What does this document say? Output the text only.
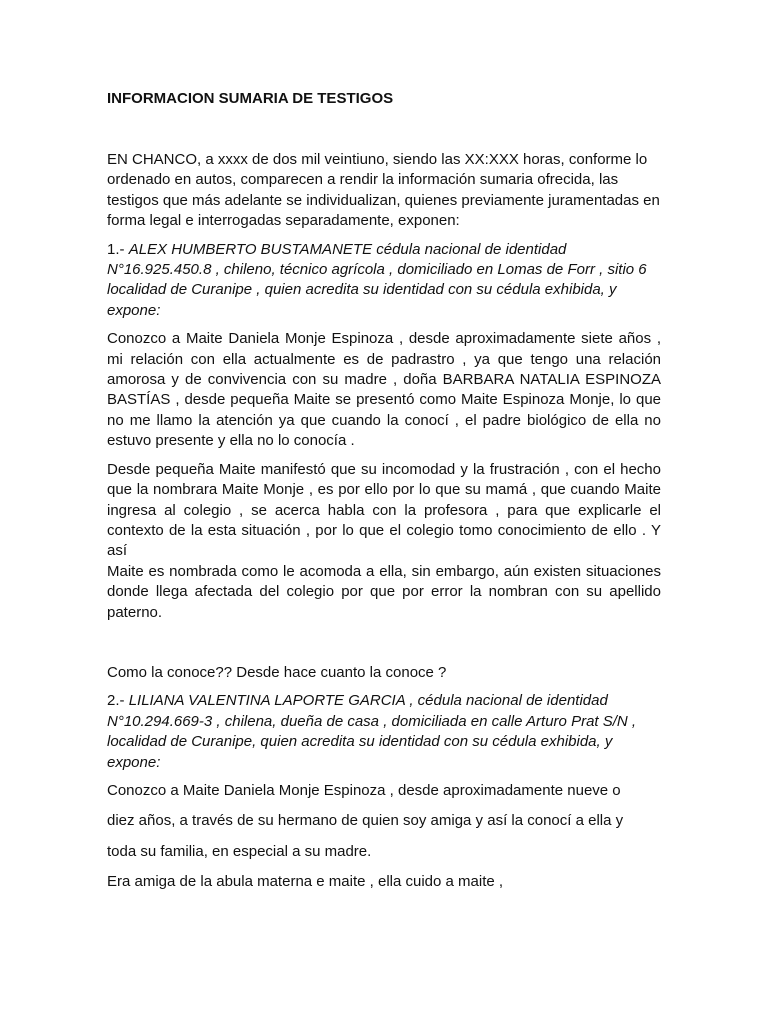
INFORMACION SUMARIA DE TESTIGOS

EN CHANCO, a xxxx de dos mil veintiuno, siendo las XX:XXX horas, conforme lo ordenado en autos, comparecen a rendir la información sumaria ofrecida, las testigos que más adelante se individualizan, quienes previamente juramentadas en forma legal e interrogadas separadamente, exponen:

1.- ALEX HUMBERTO BUSTAMANETE cédula nacional de identidad N°16.925.450.8 , chileno, técnico agrícola , domiciliado en Lomas de Forr , sitio 6 localidad de Curanipe , quien acredita su identidad con su cédula exhibida, y expone:

Conozco a Maite Daniela Monje Espinoza , desde aproximadamente siete años , mi relación con ella actualmente es de padrastro , ya que tengo una relación amorosa y de convivencia con su madre , doña BARBARA NATALIA ESPINOZA BASTÍAS , desde pequeña Maite se presentó como Maite Espinoza Monje, lo que no me llamo la atención ya que cuando la conocí , el padre biológico de ella no estuvo presente y ella no lo conocía .

Desde pequeña Maite manifestó que su incomodad y la frustración , con el hecho que la nombrara Maite Monje , es por ello por lo que su mamá , que cuando Maite ingresa al colegio , se acerca habla con la profesora , para que explicarle el contexto de la esta situación , por lo que el colegio tomo conocimiento de ello . Y así

Maite es nombrada como le acomoda a ella, sin embargo, aún existen situaciones donde llega afectada del colegio por que por error la nombran con su apellido paterno.

Como la conoce?? Desde hace cuanto la conoce ?

2.- LILIANA VALENTINA LAPORTE GARCIA , cédula nacional de identidad N°10.294.669-3 , chilena, dueña de casa , domiciliada en calle Arturo Prat S/N , localidad de Curanipe, quien acredita su identidad con su cédula exhibida, y expone:

Conozco a Maite Daniela Monje Espinoza , desde aproximadamente nueve o

diez años, a través de su hermano de quien soy amiga y así la conocí a ella y

toda su familia, en especial a su madre.

Era amiga de la abula materna e maite , ella cuido a maite ,
